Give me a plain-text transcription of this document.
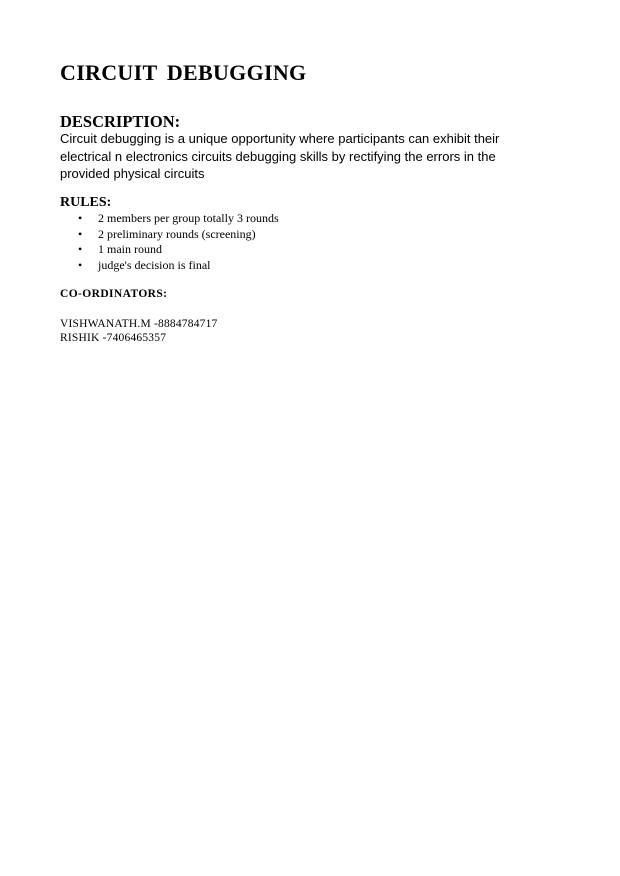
CIRCUIT DEBUGGING
DESCRIPTION:

Circuit debugging is a unique opportunity where participants can exhibit their electrical n electronics circuits debugging skills by rectifying the errors in the provided physical circuits

RULES:
• 2 members per group totally 3 rounds
• 2 preliminary rounds (screening)
• 1 main round
• judge's decision is final
CO-ORDINATORS:
VISHWANATH.M -8884784717
RISHIK -7406465357
